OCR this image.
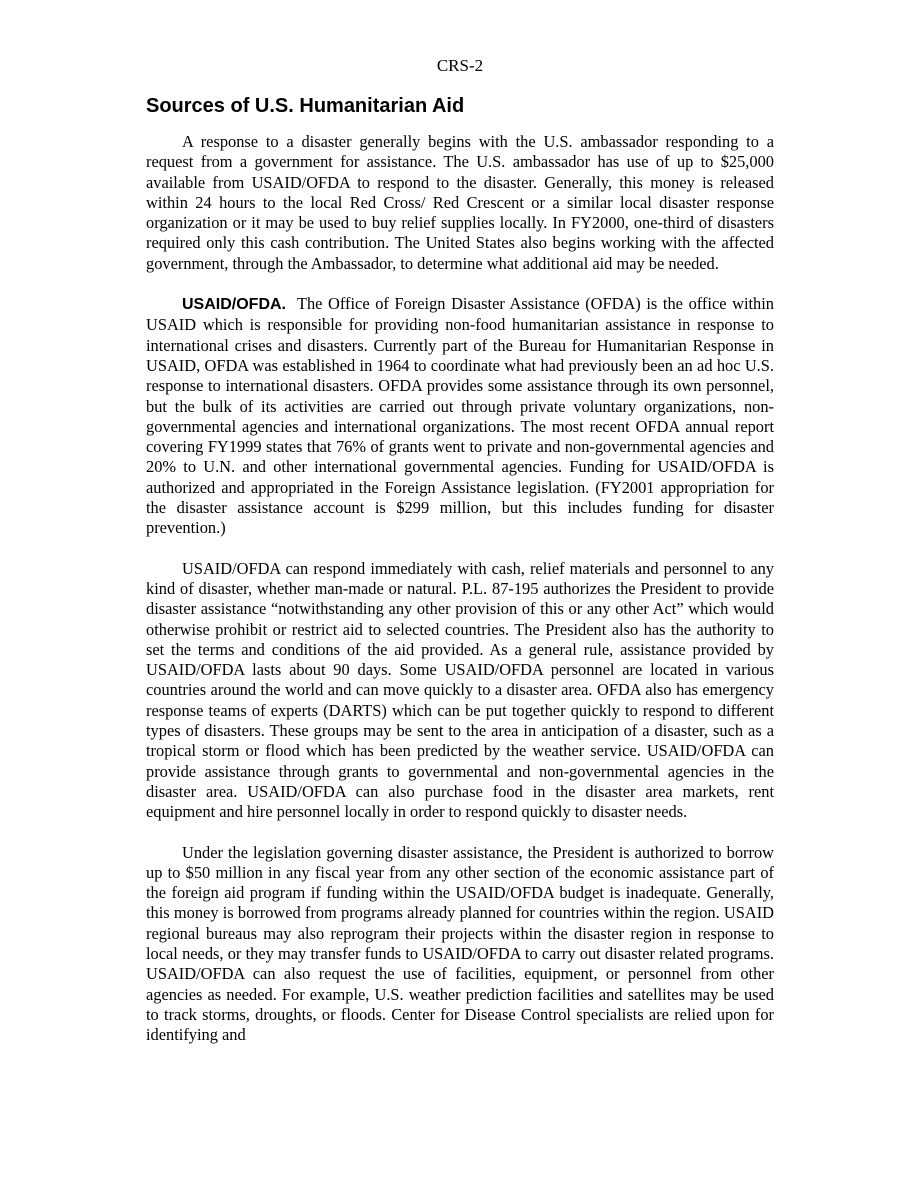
CRS-2
Sources of U.S. Humanitarian Aid

A response to a disaster generally begins with the U.S. ambassador responding to a request from a government for assistance. The U.S. ambassador has use of up to $25,000 available from USAID/OFDA to respond to the disaster. Generally, this money is released within 24 hours to the local Red Cross/ Red Crescent or a similar local disaster response organization or it may be used to buy relief supplies locally. In FY2000, one-third of disasters required only this cash contribution. The United States also begins working with the affected government, through the Ambassador, to determine what additional aid may be needed.

USAID/OFDA. The Office of Foreign Disaster Assistance (OFDA) is the office within USAID which is responsible for providing non-food humanitarian assistance in response to international crises and disasters. Currently part of the Bureau for Humanitarian Response in USAID, OFDA was established in 1964 to coordinate what had previously been an ad hoc U.S. response to international disasters. OFDA provides some assistance through its own personnel, but the bulk of its activities are carried out through private voluntary organizations, non-governmental agencies and international organizations. The most recent OFDA annual report covering FY1999 states that 76% of grants went to private and non-governmental agencies and 20% to U.N. and other international governmental agencies. Funding for USAID/OFDA is authorized and appropriated in the Foreign Assistance legislation. (FY2001 appropriation for the disaster assistance account is $299 million, but this includes funding for disaster prevention.)

USAID/OFDA can respond immediately with cash, relief materials and personnel to any kind of disaster, whether man-made or natural. P.L. 87-195 authorizes the President to provide disaster assistance “notwithstanding any other provision of this or any other Act” which would otherwise prohibit or restrict aid to selected countries. The President also has the authority to set the terms and conditions of the aid provided. As a general rule, assistance provided by USAID/OFDA lasts about 90 days. Some USAID/OFDA personnel are located in various countries around the world and can move quickly to a disaster area. OFDA also has emergency response teams of experts (DARTS) which can be put together quickly to respond to different types of disasters. These groups may be sent to the area in anticipation of a disaster, such as a tropical storm or flood which has been predicted by the weather service. USAID/OFDA can provide assistance through grants to governmental and non-governmental agencies in the disaster area. USAID/OFDA can also purchase food in the disaster area markets, rent equipment and hire personnel locally in order to respond quickly to disaster needs.

Under the legislation governing disaster assistance, the President is authorized to borrow up to $50 million in any fiscal year from any other section of the economic assistance part of the foreign aid program if funding within the USAID/OFDA budget is inadequate. Generally, this money is borrowed from programs already planned for countries within the region. USAID regional bureaus may also reprogram their projects within the disaster region in response to local needs, or they may transfer funds to USAID/OFDA to carry out disaster related programs. USAID/OFDA can also request the use of facilities, equipment, or personnel from other agencies as needed. For example, U.S. weather prediction facilities and satellites may be used to track storms, droughts, or floods. Center for Disease Control specialists are relied upon for identifying and
